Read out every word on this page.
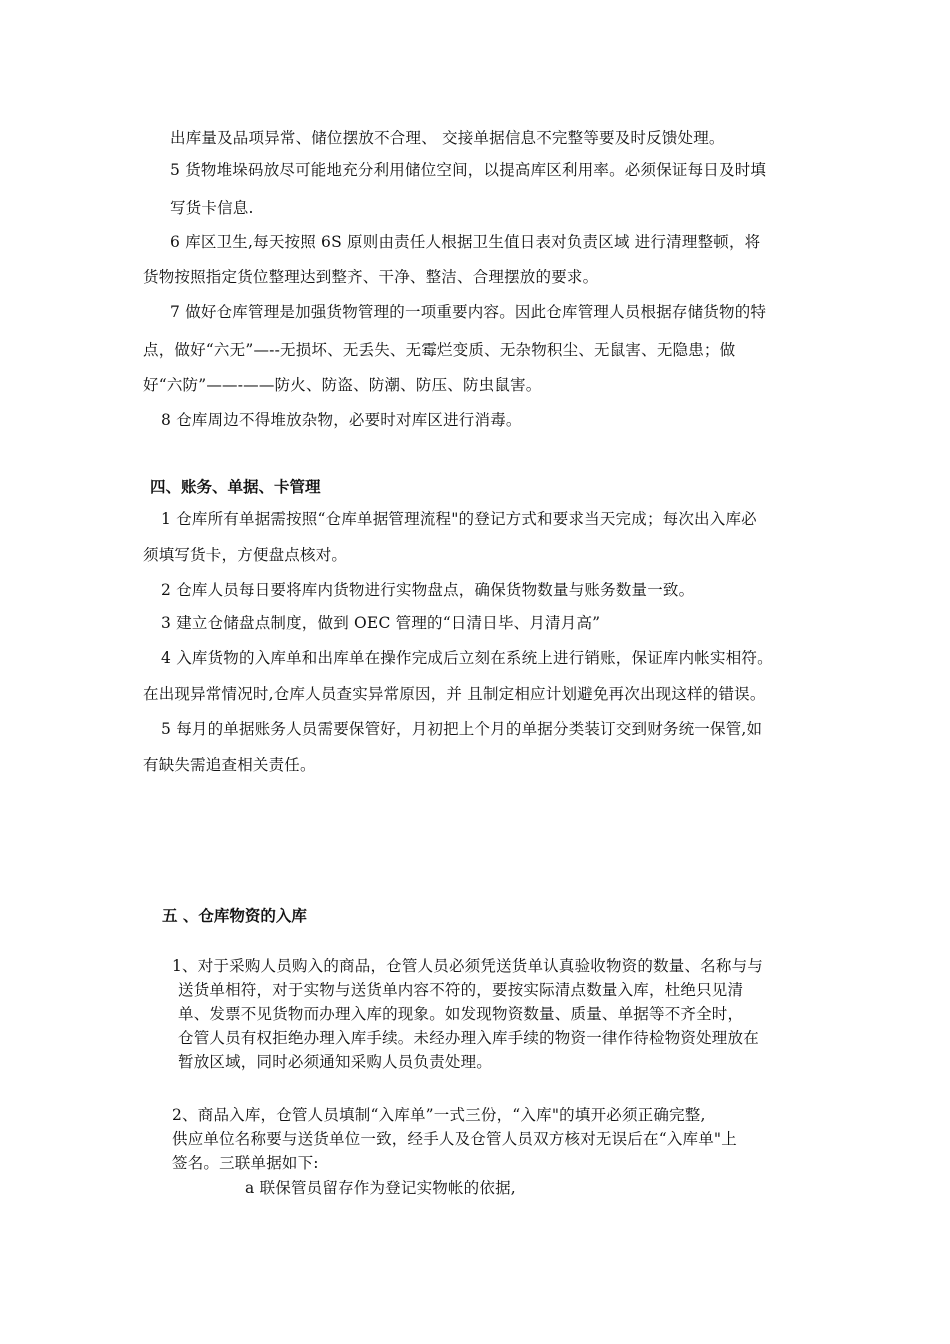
出库量及品项异常、储位摆放不合理、 交接单据信息不完整等要及时反馈处理。
5 货物堆垛码放尽可能地充分利用储位空间，以提高库区利用率。必须保证每日及时填
写货卡信息.
6 库区卫生,每天按照 6S 原则由责任人根据卫生值日表对负责区域 进行清理整顿，将
货物按照指定货位整理达到整齐、干净、整洁、合理摆放的要求。
7 做好仓库管理是加强货物管理的一项重要内容。因此仓库管理人员根据存储货物的特
点，做好“六无”—--无损坏、无丢失、无霉烂变质、无杂物积尘、无鼠害、无隐患；做
好“六防”——-——防火、防盗、防潮、防压、防虫鼠害。
8 仓库周边不得堆放杂物，必要时对库区进行消毒。
四、账务、单据、卡管理
1 仓库所有单据需按照“仓库单据管理流程"的登记方式和要求当天完成；每次出入库必
须填写货卡，方便盘点核对。
2 仓库人员每日要将库内货物进行实物盘点，确保货物数量与账务数量一致。
3 建立仓储盘点制度，做到 OEC 管理的“日清日毕、月清月高”
4 入库货物的入库单和出库单在操作完成后立刻在系统上进行销账，保证库内帐实相符。
在出现异常情况时,仓库人员查实异常原因，并 且制定相应计划避免再次出现这样的错误。
5 每月的单据账务人员需要保管好，月初把上个月的单据分类装订交到财务统一保管,如
有缺失需追查相关责任。
五 、仓库物资的入库
1、对于采购人员购入的商品，仓管人员必须凭送货单认真验收物资的数量、名称与与
送货单相符，对于实物与送货单内容不符的，要按实际清点数量入库，杜绝只见清
单、发票不见货物而办理入库的现象。如发现物资数量、质量、单据等不齐全时，
仓管人员有权拒绝办理入库手续。未经办理入库手续的物资一律作待检物资处理放在
暂放区域，同时必须通知采购人员负责处理。
2、商品入库，仓管人员填制“入库单”一式三份，“入库"的填开必须正确完整,
供应单位名称要与送货单位一致，经手人及仓管人员双方核对无误后在“入库单"上
签名。三联单据如下:
a 联保管员留存作为登记实物帐的依据,
